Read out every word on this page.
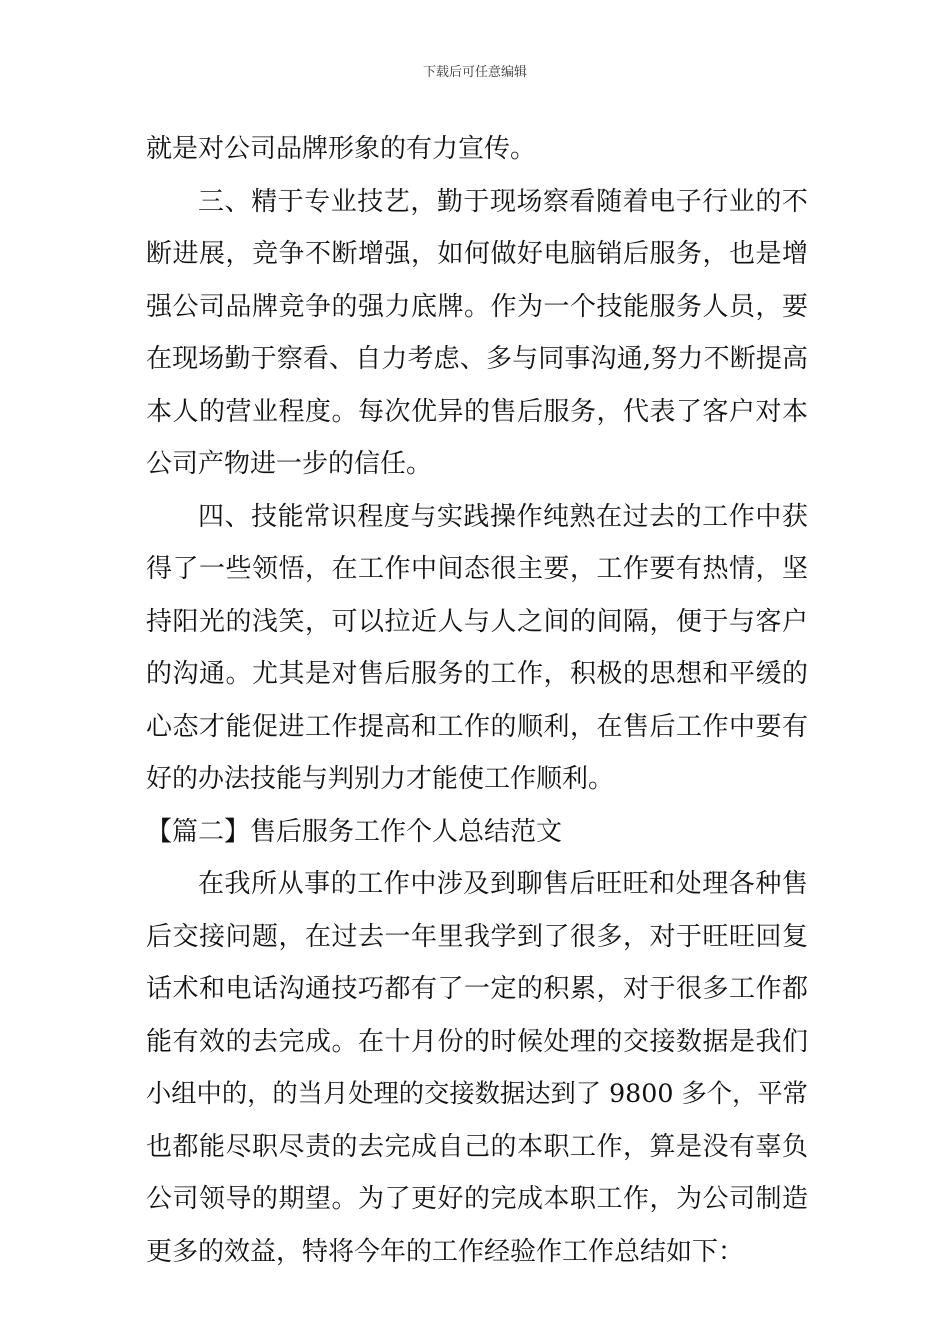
下载后可任意编辑
就是对公司品牌形象的有力宣传。
三、精于专业技艺，勤于现场察看随着电子行业的不
断进展，竞争不断增强，如何做好电脑销后服务，也是增
强公司品牌竞争的强力底牌。作为一个技能服务人员，要
在现场勤于察看、自力考虑、多与同事沟通,努力不断提高
本人的营业程度。每次优异的售后服务，代表了客户对本
公司产物进一步的信任。
四、技能常识程度与实践操作纯熟在过去的工作中获
得了一些领悟，在工作中间态很主要，工作要有热情，坚
持阳光的浅笑，可以拉近人与人之间的间隔，便于与客户
的沟通。尤其是对售后服务的工作，积极的思想和平缓的
心态才能促进工作提高和工作的顺利，在售后工作中要有
好的办法技能与判别力才能使工作顺利。
【篇二】售后服务工作个人总结范文
在我所从事的工作中涉及到聊售后旺旺和处理各种售
后交接问题，在过去一年里我学到了很多，对于旺旺回复
话术和电话沟通技巧都有了一定的积累，对于很多工作都
能有效的去完成。在十月份的时候处理的交接数据是我们
小组中的，的当月处理的交接数据达到了 9800 多个，平常
也都能尽职尽责的去完成自己的本职工作，算是没有辜负
公司领导的期望。为了更好的完成本职工作，为公司制造
更多的效益，特将今年的工作经验作工作总结如下：
